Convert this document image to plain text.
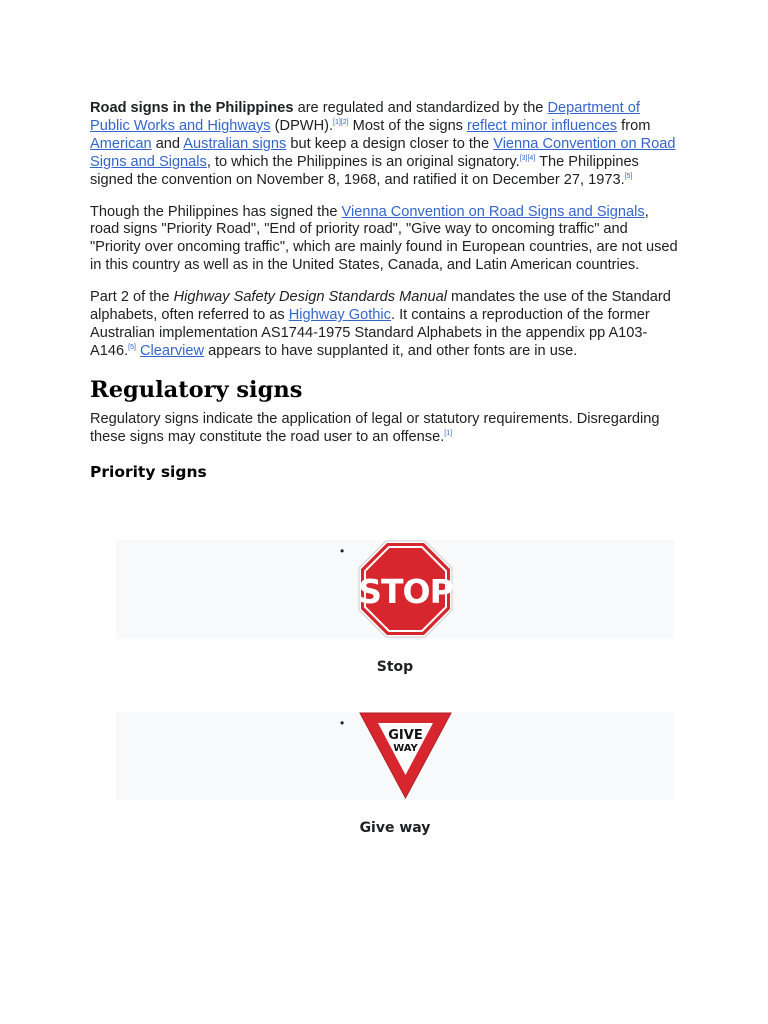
Road signs in the Philippines are regulated and standardized by the Department of Public Works and Highways (DPWH).[1][2] Most of the signs reflect minor influences from American and Australian signs but keep a design closer to the Vienna Convention on Road Signs and Signals, to which the Philippines is an original signatory.[3][4] The Philippines signed the convention on November 8, 1968, and ratified it on December 27, 1973.[5]

Though the Philippines has signed the Vienna Convention on Road Signs and Signals, road signs "Priority Road", "End of priority road", "Give way to oncoming traffic" and "Priority over oncoming traffic", which are mainly found in European countries, are not used in this country as well as in the United States, Canada, and Latin American countries.

Part 2 of the Highway Safety Design Standards Manual mandates the use of the Standard alphabets, often referred to as Highway Gothic. It contains a reproduction of the former Australian implementation AS1744-1975 Standard Alphabets in the appendix pp A103-A146.[5] Clearview appears to have supplanted it, and other fonts are in use.

Regulatory signs

Regulatory signs indicate the application of legal or statutory requirements. Disregarding these signs may constitute the road user to an offense.[1]

Priority signs
•
STOP
Stop
•
GIVE
WAY
Give way
